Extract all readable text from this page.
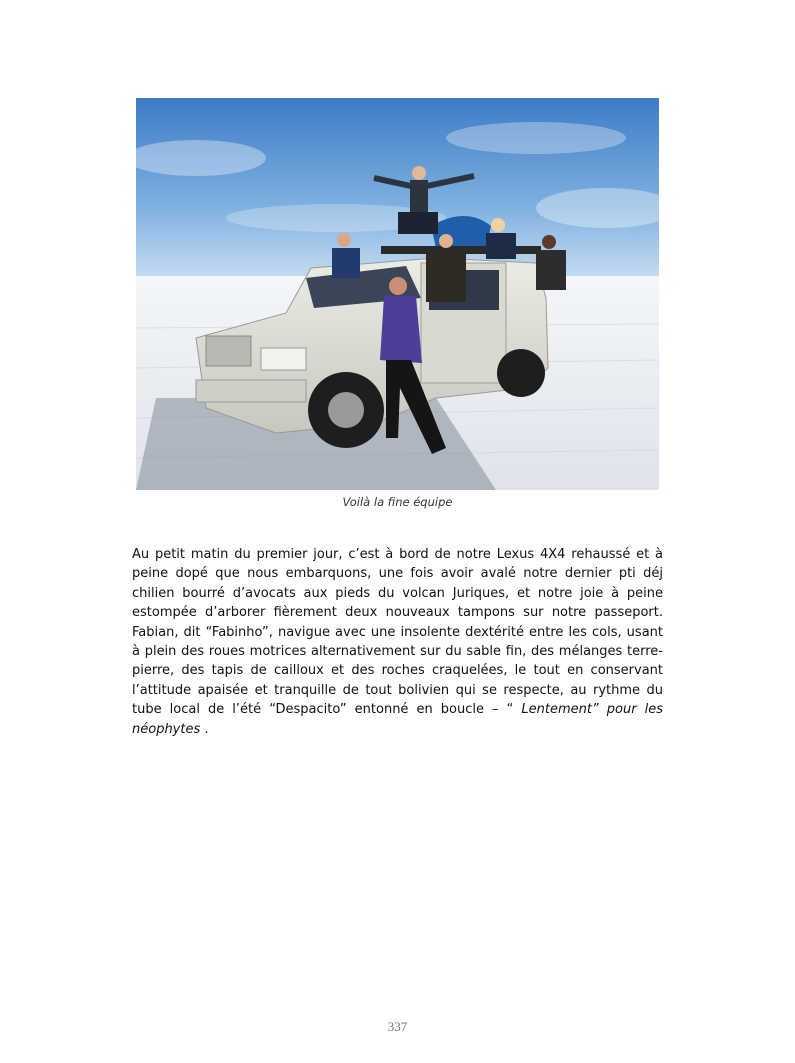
Voilà la fine équipe

Au petit matin du premier jour, c’est à bord de notre Lexus 4X4 rehaussé et à peine dopé que nous embarquons, une fois avoir avalé notre dernier pti déj chilien bourré d’avocats aux pieds du volcan Juriques, et notre joie à peine estompée d’arborer fièrement deux nouveaux tampons sur notre passeport. Fabian, dit “Fabinho”, navigue avec une insolente dextérité entre les cols, usant à plein des roues motrices alternativement sur du sable fin, des mélanges terre-pierre, des tapis de cailloux et des roches craquelées, le tout en conservant l’attitude apaisée et tranquille de tout bolivien qui se respecte, au rythme du tube local de l’été “Despacito” entonné en boucle – “ Lentement” pour les néophytes .

337
